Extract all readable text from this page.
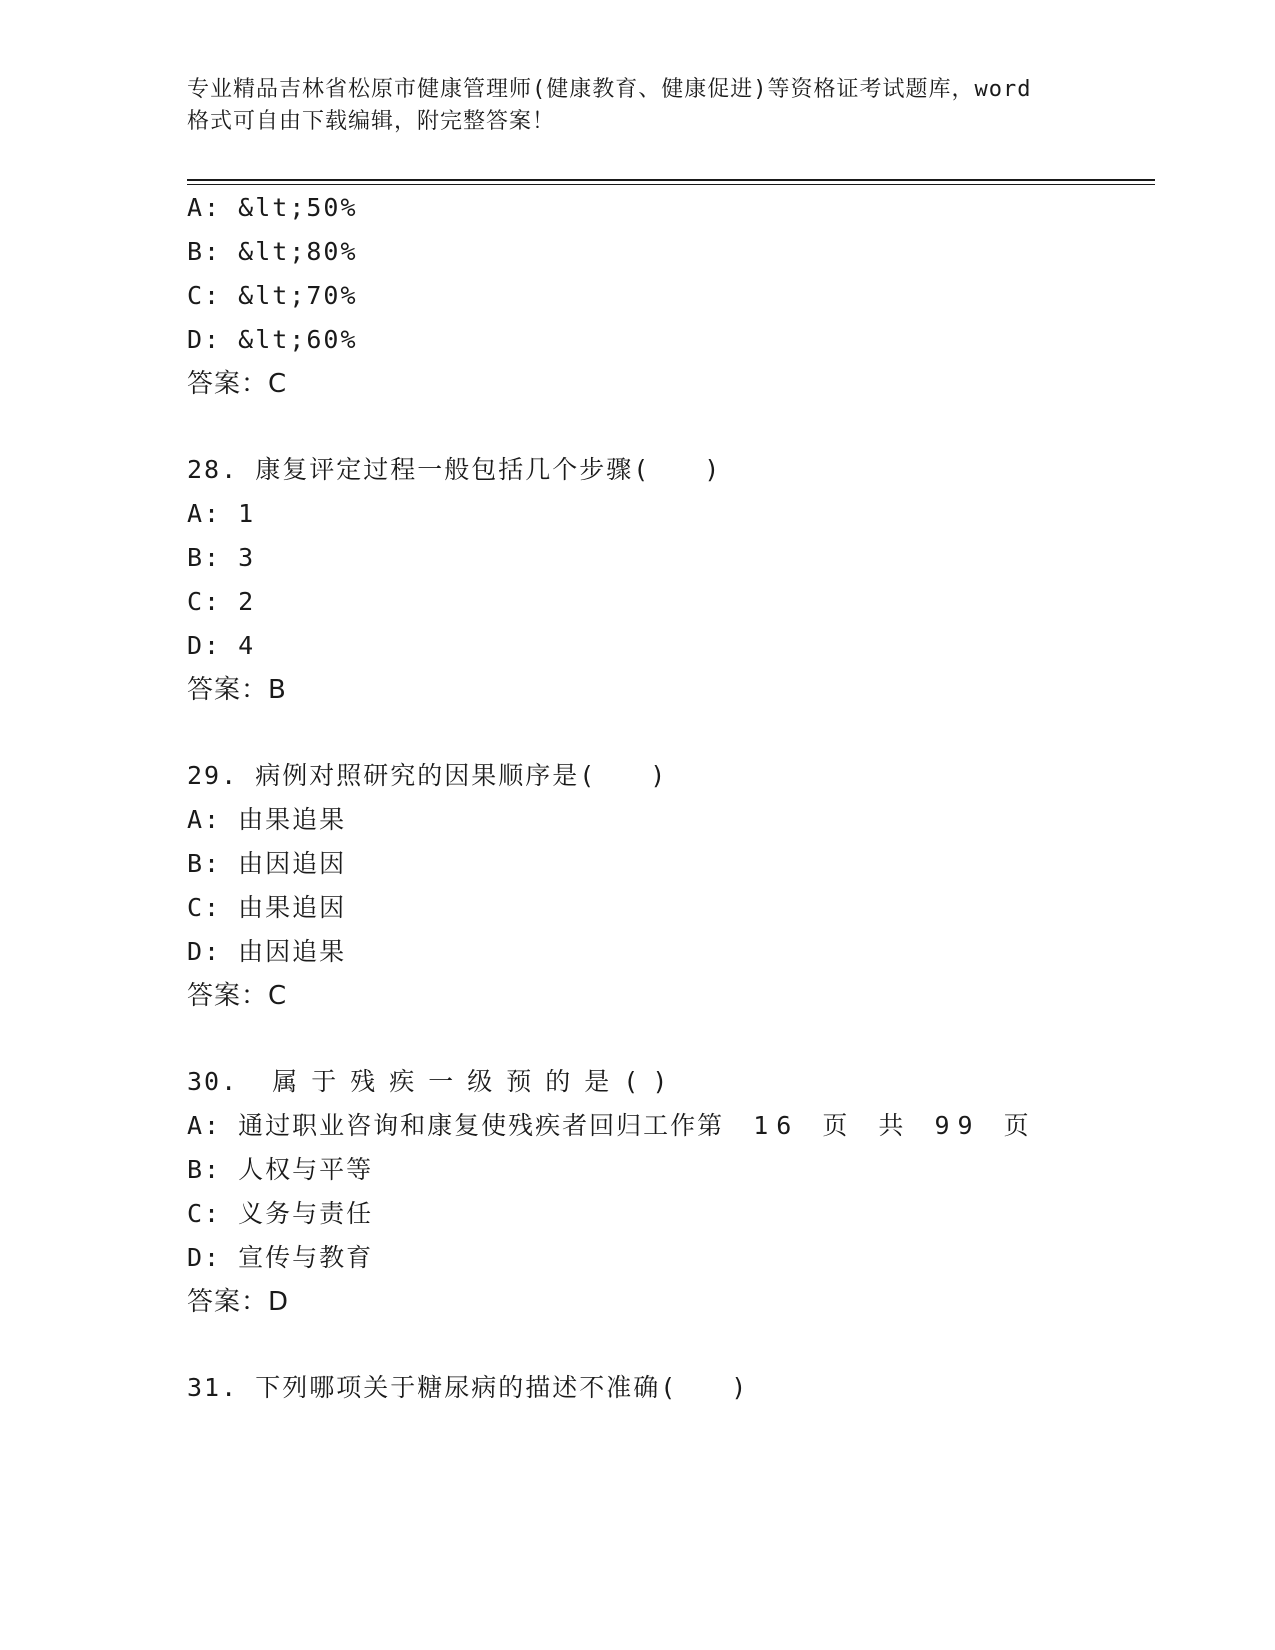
专业精品吉林省松原市健康管理师(健康教育、健康促进)等资格证考试题库，word
格式可自由下载编辑，附完整答案！
A: &lt;50%
B: &lt;80%
C: &lt;70%
D: &lt;60%
答案：C
28. 康复评定过程一般包括几个步骤(　　)
A: 1
B: 3
C: 2
D: 4
答案：B
29. 病例对照研究的因果顺序是(　　)
A: 由果追果
B: 由因追因
C: 由果追因
D: 由因追果
答案：C
30. 属于残疾一级预的是()
A: 通过职业咨询和康复使残疾者回归工作第 16 页 共 99 页
B: 人权与平等
C: 义务与责任
D: 宣传与教育
答案：D
31. 下列哪项关于糖尿病的描述不准确(　　)
